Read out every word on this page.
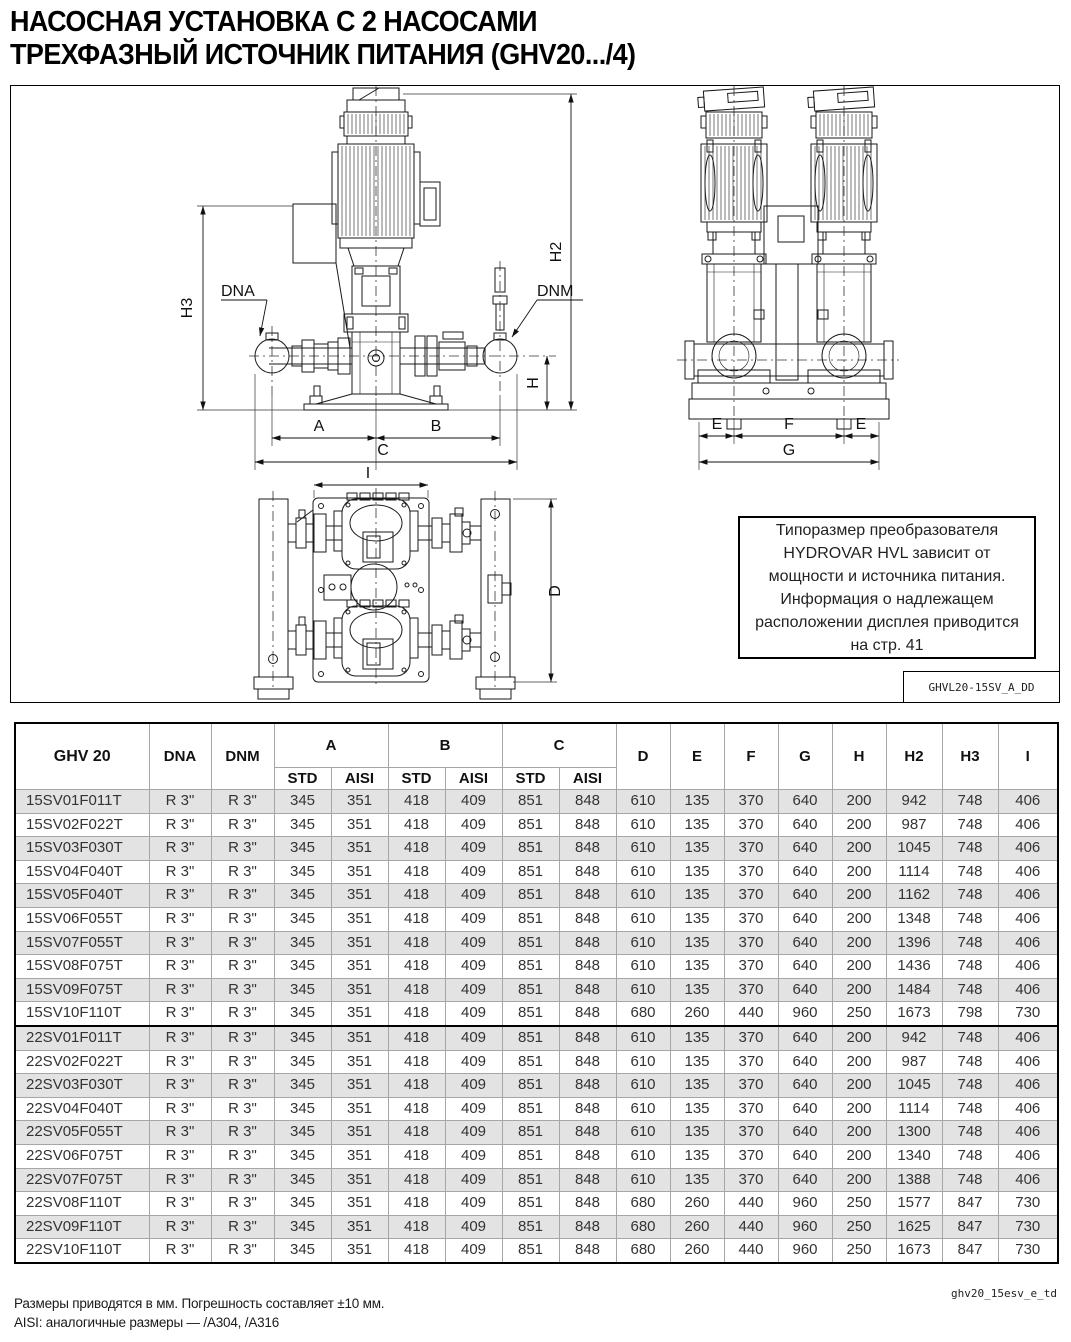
НАСОСНАЯ УСТАНОВКА С 2 НАСОСАМИ
ТРЕХФАЗНЫЙ ИСТОЧНИК ПИТАНИЯ (GHV20.../4)
H3
H2
H
DNA	DNM
A	B
C
E	F	E
G
I
D
Типоразмер преобразователя HYDROVAR HVL зависит от мощности и источника питания. Информация о надлежащем расположении дисплея приводится на стр. 41
GHVL20-15SV_A_DD
GHV 20	DNA	DNM	A		B		C		D	E	F	G	H	H2	H3	I
			STD	AISI	STD	AISI	STD	AISI								
15SV01F011T	R 3"	R 3"	345	351	418	409	851	848	610	135	370	640	200	942	748	406
15SV02F022T	R 3"	R 3"	345	351	418	409	851	848	610	135	370	640	200	987	748	406
15SV03F030T	R 3"	R 3"	345	351	418	409	851	848	610	135	370	640	200	1045	748	406
15SV04F040T	R 3"	R 3"	345	351	418	409	851	848	610	135	370	640	200	1114	748	406
15SV05F040T	R 3"	R 3"	345	351	418	409	851	848	610	135	370	640	200	1162	748	406
15SV06F055T	R 3"	R 3"	345	351	418	409	851	848	610	135	370	640	200	1348	748	406
15SV07F055T	R 3"	R 3"	345	351	418	409	851	848	610	135	370	640	200	1396	748	406
15SV08F075T	R 3"	R 3"	345	351	418	409	851	848	610	135	370	640	200	1436	748	406
15SV09F075T	R 3"	R 3"	345	351	418	409	851	848	610	135	370	640	200	1484	748	406
15SV10F110T	R 3"	R 3"	345	351	418	409	851	848	680	260	440	960	250	1673	798	730
22SV01F011T	R 3"	R 3"	345	351	418	409	851	848	610	135	370	640	200	942	748	406
22SV02F022T	R 3"	R 3"	345	351	418	409	851	848	610	135	370	640	200	987	748	406
22SV03F030T	R 3"	R 3"	345	351	418	409	851	848	610	135	370	640	200	1045	748	406
22SV04F040T	R 3"	R 3"	345	351	418	409	851	848	610	135	370	640	200	1114	748	406
22SV05F055T	R 3"	R 3"	345	351	418	409	851	848	610	135	370	640	200	1300	748	406
22SV06F075T	R 3"	R 3"	345	351	418	409	851	848	610	135	370	640	200	1340	748	406
22SV07F075T	R 3"	R 3"	345	351	418	409	851	848	610	135	370	640	200	1388	748	406
22SV08F110T	R 3"	R 3"	345	351	418	409	851	848	680	260	440	960	250	1577	847	730
22SV09F110T	R 3"	R 3"	345	351	418	409	851	848	680	260	440	960	250	1625	847	730
22SV10F110T	R 3"	R 3"	345	351	418	409	851	848	680	260	440	960	250	1673	847	730
Размеры приводятся в мм. Погрешность составляет ±10 мм.
AISI: аналогичные размеры — /A304, /A316
ghv20_15esv_e_td
